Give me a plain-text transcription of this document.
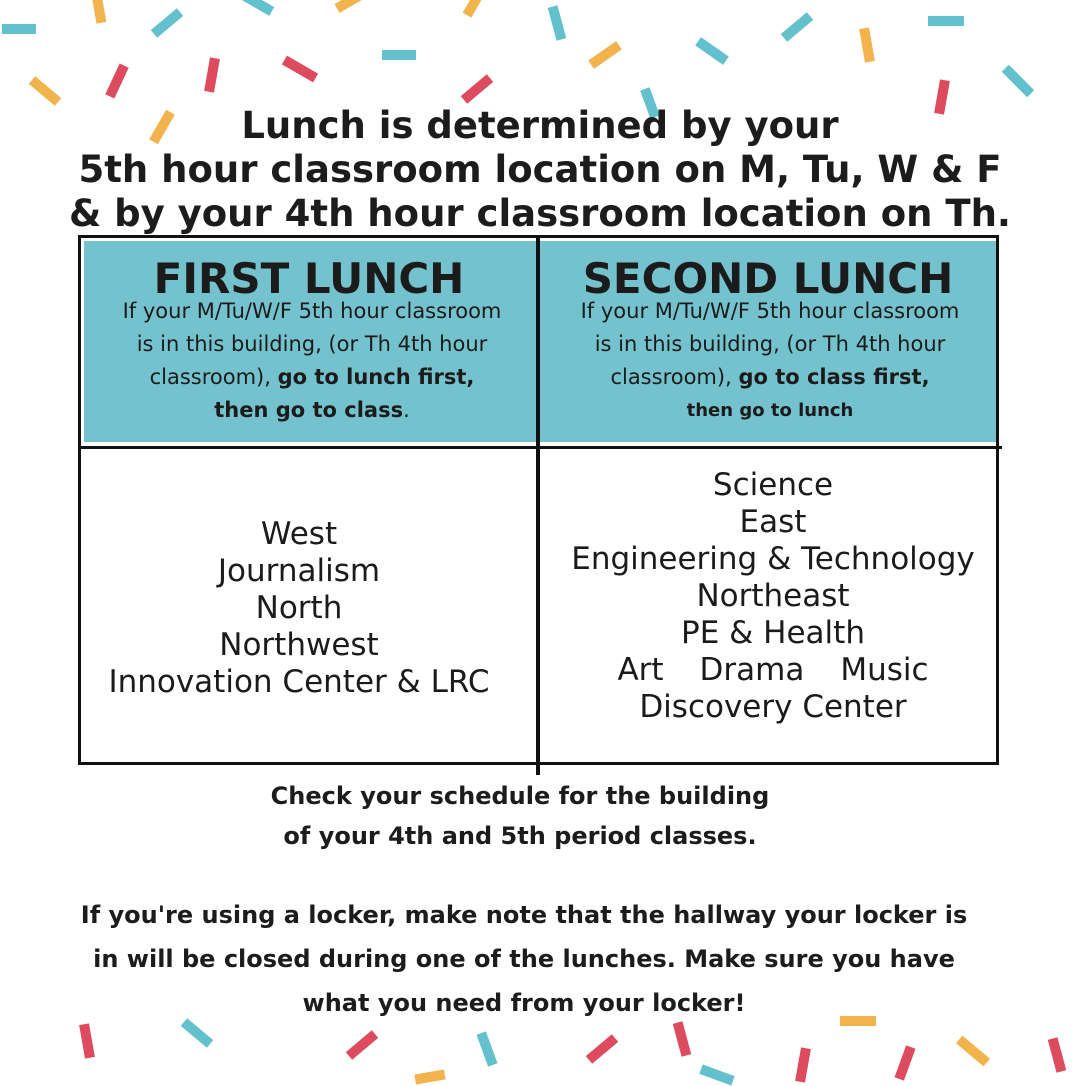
Lunch is determined by your
5th hour classroom location on M, Tu, W & F
& by your 4th hour classroom location on Th.
FIRST LUNCH
If your M/Tu/W/F 5th hour classroom
is in this building, (or Th 4th hour
classroom), go to lunch first,
then go to class.
SECOND LUNCH
If your M/Tu/W/F 5th hour classroom
is in this building, (or Th 4th hour
classroom), go to class first,
then go to lunch
West
Journalism
North
Northwest
Innovation Center & LRC
Science
East
Engineering & Technology
Northeast
PE & Health
Art Drama Music
Discovery Center
Check your schedule for the building
of your 4th and 5th period classes.
If you're using a locker, make note that the hallway your locker is
in will be closed during one of the lunches. Make sure you have
what you need from your locker!
